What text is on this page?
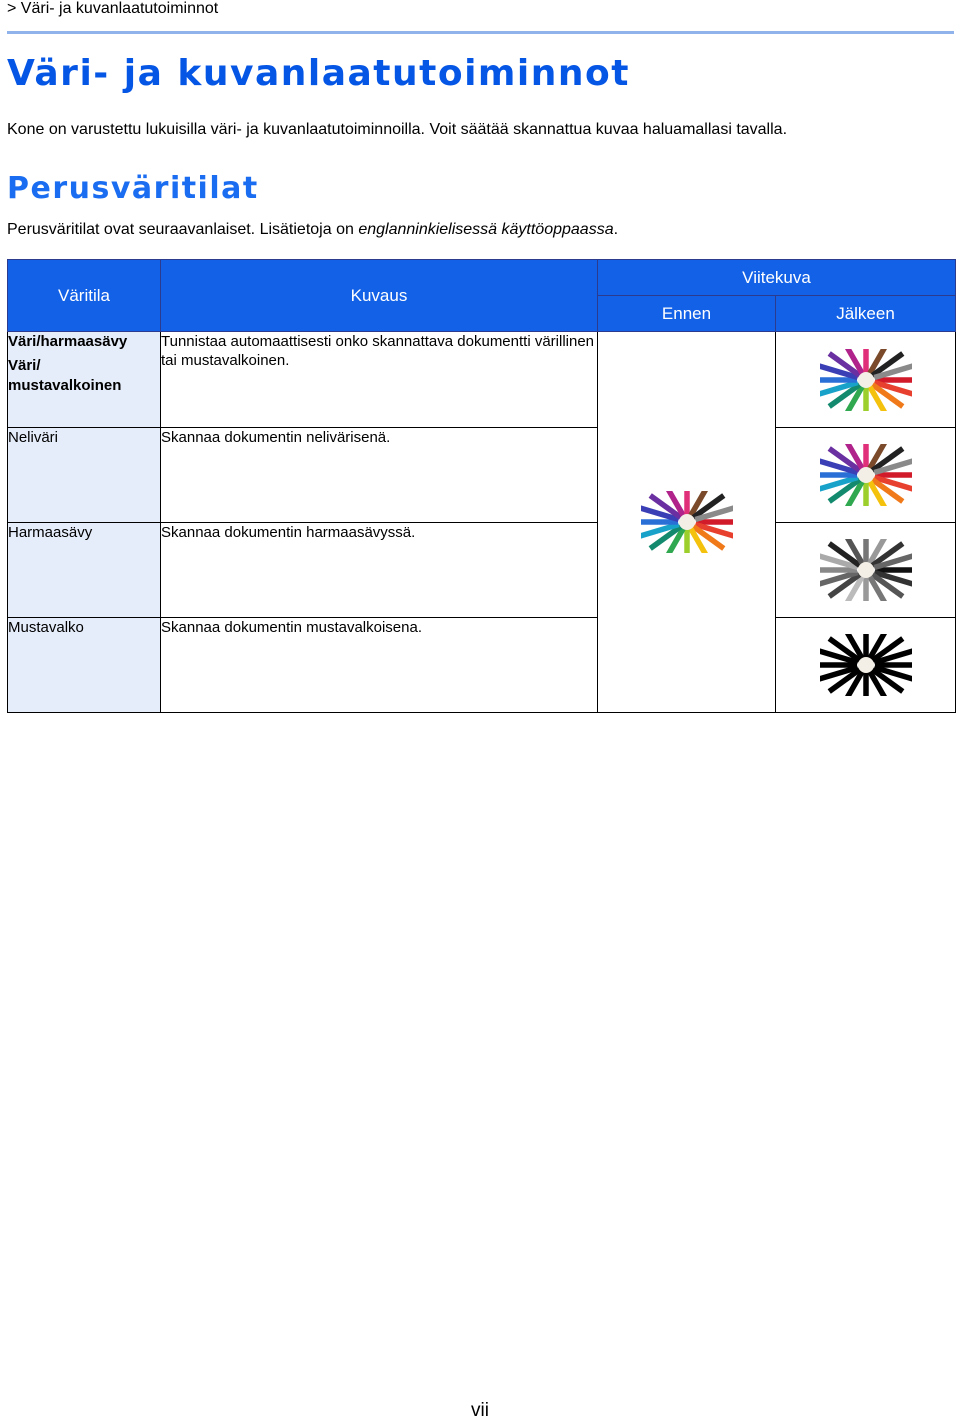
> Väri- ja kuvanlaatutoiminnot
Väri- ja kuvanlaatutoiminnot
Kone on varustettu lukuisilla väri- ja kuvanlaatutoiminnoilla. Voit säätää skannattua kuvaa haluamallasi tavalla.
Perusväritilat
Perusväritilat ovat seuraavanlaiset. Lisätietoja on englanninkielisessä käyttöoppaassa.
Väritila	Kuvaus	Viitekuva	
		Ennen	Jälkeen

Väri/harmaasävy
Väri/
mustavalkoinen	Tunnistaa automaattisesti onko skannattava dokumentti värillinen tai mustavalkoinen.

Neliväri	Skannaa dokumentin nelivärisenä.

Harmaasävy	Skannaa dokumentin harmaasävyssä.

Mustavalko	Skannaa dokumentin mustavalkoisena.

vii
